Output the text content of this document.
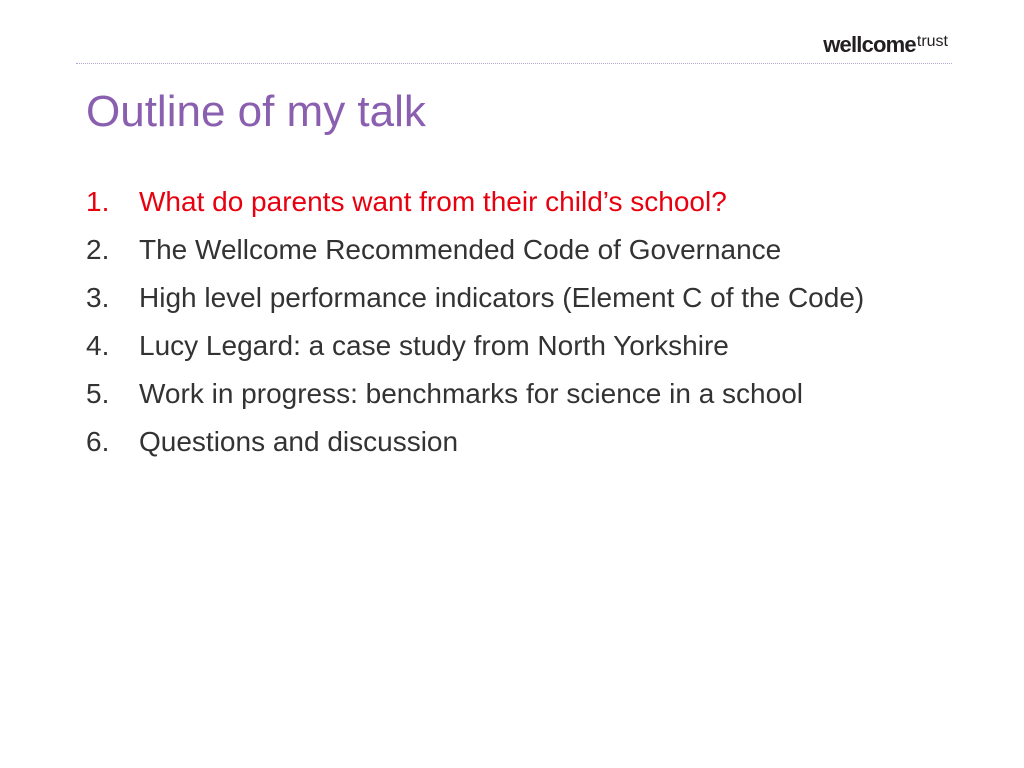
wellcometrust
Outline of my talk
1. What do parents want from their child’s school?
2. The Wellcome Recommended Code of Governance
3. High level performance indicators (Element C of the Code)
4. Lucy Legard: a case study from North Yorkshire
5. Work in progress: benchmarks for science in a school
6. Questions and discussion
